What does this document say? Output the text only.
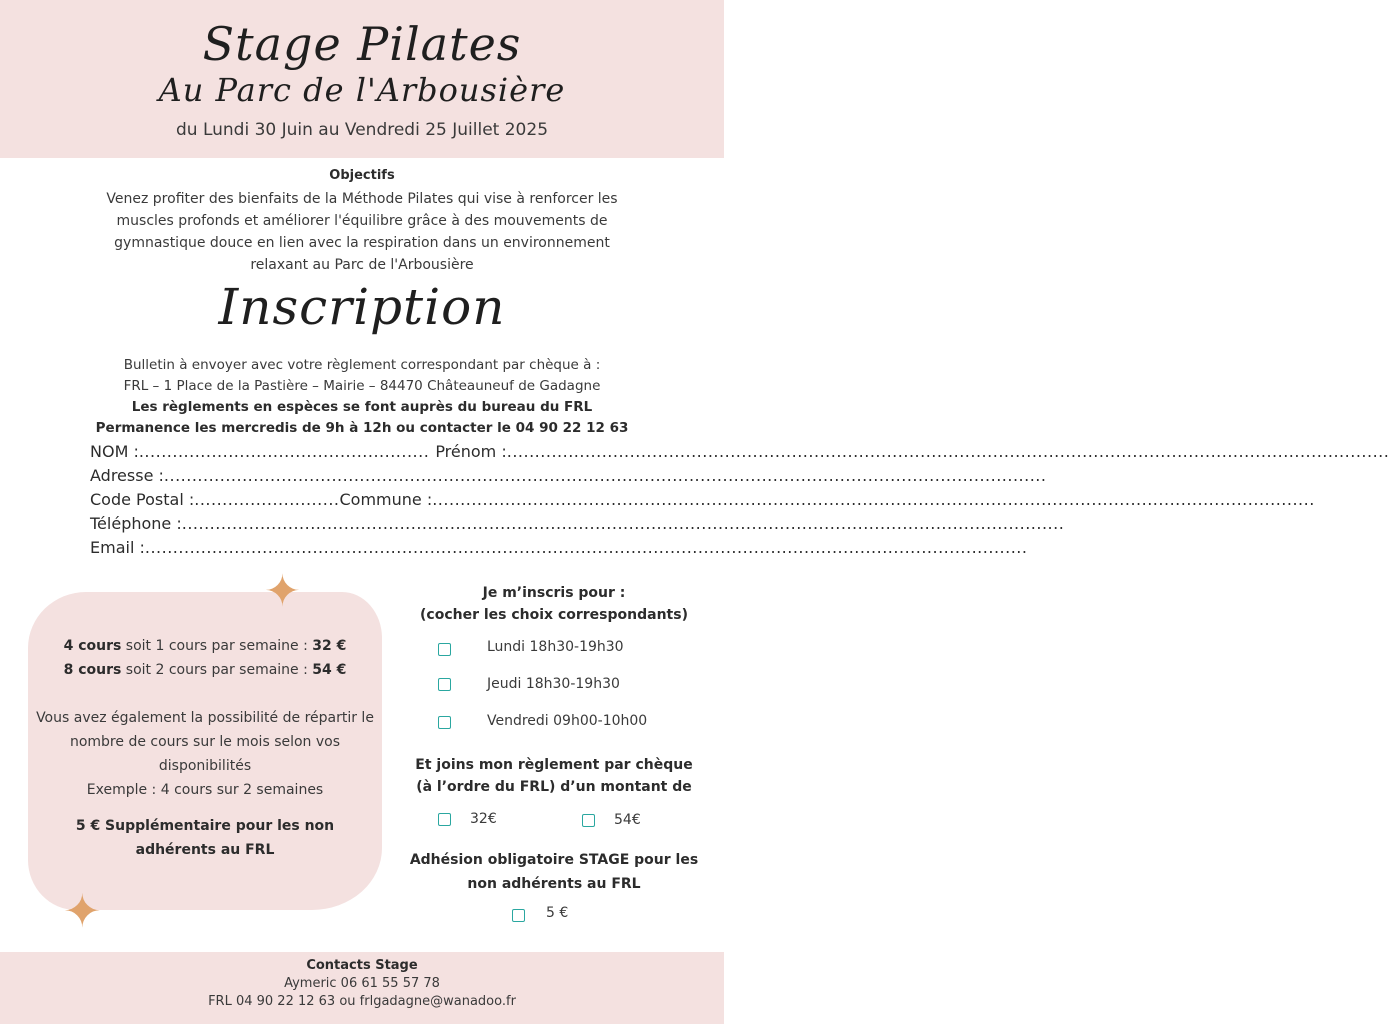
Stage Pilates
Au Parc de l'Arbousière
du Lundi 30 Juin au Vendredi 25 Juillet 2025
Objectifs
Venez profiter des bienfaits de la Méthode Pilates qui vise à renforcer les muscles profonds et améliorer l'équilibre grâce à des mouvements de gymnastique douce en lien avec la respiration dans un environnement relaxant au Parc de l'Arbousière
Inscription
Bulletin à envoyer avec votre règlement correspondant par chèque à :
FRL – 1 Place de la Pastière – Mairie – 84470 Châteauneuf de Gadagne
Les règlements en espèces se font auprès du bureau du FRL
Permanence les mercredis de 9h à 12h ou contacter le 04 90 22 12 63
NOM : .................................................... Prénom : ..............................................................................................................................................................
Adresse : ..............................................................................................................................................................
Code Postal : .......................... Commune : ..............................................................................................................................................................
Téléphone : ..............................................................................................................................................................
Email : ..............................................................................................................................................................
✦
✦
4 cours soit 1 cours par semaine : 32 €
8 cours soit 2 cours par semaine : 54 €
Vous avez également la possibilité de répartir le nombre de cours sur le mois selon vos disponibilités
Exemple : 4 cours sur 2 semaines
5 € Supplémentaire pour les non adhérents au FRL
Je m’inscris pour :
(cocher les choix correspondants)
Lundi 18h30-19h30
Jeudi 18h30-19h30
Vendredi 09h00-10h00
Et joins mon règlement par chèque
(à l’ordre du FRL) d’un montant de
32€	54€
Adhésion obligatoire STAGE pour les
non adhérents au FRL
5 €
Contacts Stage
Aymeric 06 61 55 57 78
FRL 04 90 22 12 63 ou frlgadagne@wanadoo.fr
